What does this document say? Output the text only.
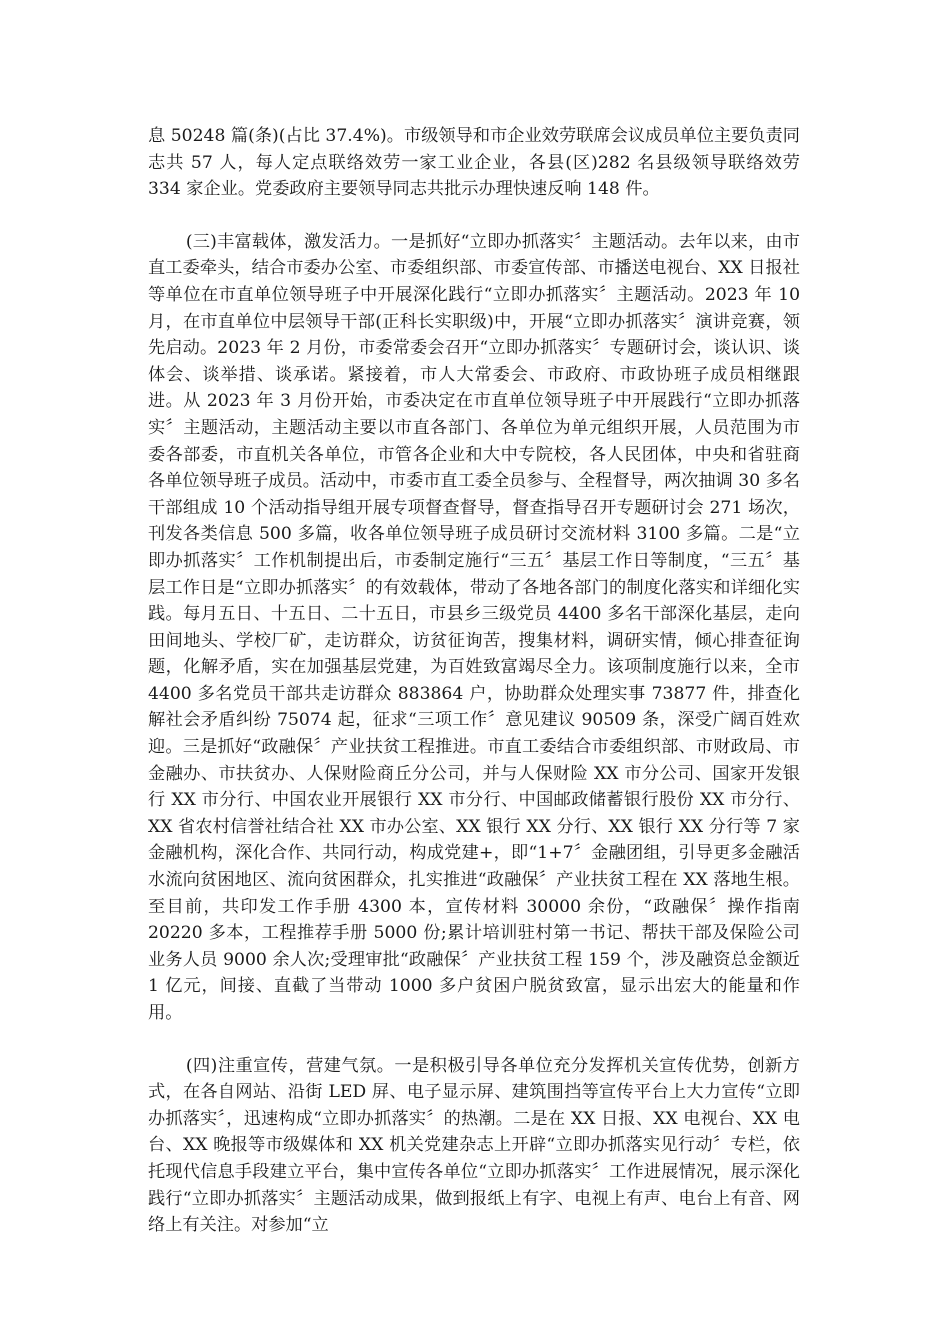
息 50248 篇(条)(占比 37.4%)。市级领导和市企业效劳联席会议成员单位主要负责同志共 57 人，每人定点联络效劳一家工业企业，各县(区)282 名县级领导联络效劳 334 家企业。党委政府主要领导同志共批示办理快速反响 148 件。

(三)丰富载体，激发活力。一是抓好“立即办抓落实〞主题活动。去年以来，由市直工委牵头，结合市委办公室、市委组织部、市委宣传部、市播送电视台、XX 日报社等单位在市直单位领导班子中开展深化践行“立即办抓落实〞主题活动。2023 年 10 月，在市直单位中层领导干部(正科长实职级)中，开展“立即办抓落实〞演讲竞赛，领先启动。2023 年 2 月份，市委常委会召开“立即办抓落实〞专题研讨会，谈认识、谈体会、谈举措、谈承诺。紧接着，市人大常委会、市政府、市政协班子成员相继跟进。从 2023 年 3 月份开始，市委决定在市直单位领导班子中开展践行“立即办抓落实〞主题活动，主题活动主要以市直各部门、各单位为单元组织开展，人员范围为市委各部委，市直机关各单位，市管各企业和大中专院校，各人民团体，中央和省驻商各单位领导班子成员。活动中，市委市直工委全员参与、全程督导，两次抽调 30 多名干部组成 10 个活动指导组开展专项督查督导，督查指导召开专题研讨会 271 场次，刊发各类信息 500 多篇，收各单位领导班子成员研讨交流材料 3100 多篇。二是“立即办抓落实〞工作机制提出后，市委制定施行“三五〞基层工作日等制度，“三五〞基层工作日是“立即办抓落实〞的有效载体，带动了各地各部门的制度化落实和详细化实践。每月五日、十五日、二十五日，市县乡三级党员 4400 多名干部深化基层，走向田间地头、学校厂矿，走访群众，访贫征询苦，搜集材料，调研实情，倾心排查征询题，化解矛盾，实在加强基层党建，为百姓致富竭尽全力。该项制度施行以来，全市 4400 多名党员干部共走访群众 883864 户，协助群众处理实事 73877 件，排查化解社会矛盾纠纷 75074 起，征求“三项工作〞意见建议 90509 条，深受广阔百姓欢迎。三是抓好“政融保〞产业扶贫工程推进。市直工委结合市委组织部、市财政局、市金融办、市扶贫办、人保财险商丘分公司，并与人保财险 XX 市分公司、国家开发银行 XX 市分行、中国农业开展银行 XX 市分行、中国邮政储蓄银行股份 XX 市分行、XX 省农村信誉社结合社 XX 市办公室、XX 银行 XX 分行、XX 银行 XX 分行等 7 家金融机构，深化合作、共同行动，构成党建+，即“1+7〞金融团组，引导更多金融活水流向贫困地区、流向贫困群众，扎实推进“政融保〞产业扶贫工程在 XX 落地生根。至目前，共印发工作手册 4300 本，宣传材料 30000 余份，“政融保〞操作指南 20220 多本，工程推荐手册 5000 份;累计培训驻村第一书记、帮扶干部及保险公司业务人员 9000 余人次;受理审批“政融保〞产业扶贫工程 159 个，涉及融资总金额近 1 亿元，间接、直截了当带动 1000 多户贫困户脱贫致富，显示出宏大的能量和作用。

(四)注重宣传，营建气氛。一是积极引导各单位充分发挥机关宣传优势，创新方式，在各自网站、沿街 LED 屏、电子显示屏、建筑围挡等宣传平台上大力宣传“立即办抓落实〞，迅速构成“立即办抓落实〞的热潮。二是在 XX 日报、XX 电视台、XX 电台、XX 晚报等市级媒体和 XX 机关党建杂志上开辟“立即办抓落实见行动〞专栏，依托现代信息手段建立平台，集中宣传各单位“立即办抓落实〞工作进展情况，展示深化践行“立即办抓落实〞主题活动成果，做到报纸上有字、电视上有声、电台上有音、网络上有关注。对参加“立
